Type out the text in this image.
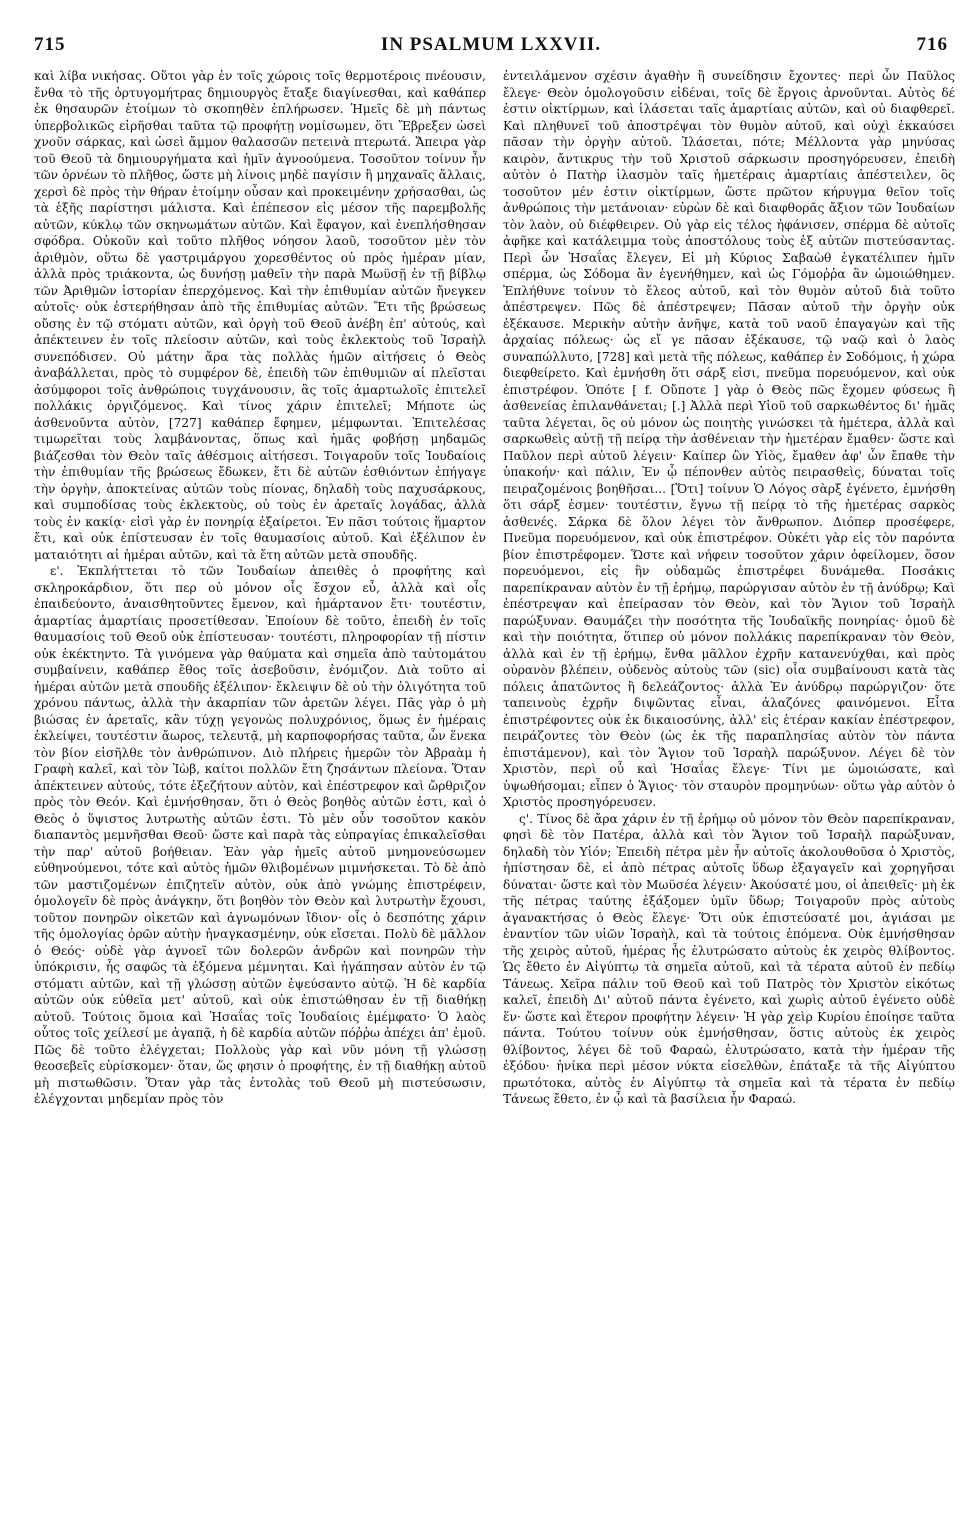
715	IN PSALMUM LXXVII.	716

καὶ λίβα νικήσας. Οὕτοι γὰρ ἐν τοῖς χώροις τοῖς θερμοτέροις πνέουσιν, ἔνθα τὸ τῆς ὀρτυγομήτρας δημιουργὸς ἔταξε διαγίνεσθαι, καὶ καθάπερ ἐκ θησαυρῶν ἑτοίμων τὸ σκοπηθὲν ἐπλήρωσεν. Ἡμεῖς δὲ μὴ πάντως ὑπερβολικῶς εἰρῆσθαι ταῦτα τῷ προφήτῃ νομίσωμεν, ὅτι Ἔβρεξεν ὡσεὶ χνοῦν σάρκας, καὶ ὡσεὶ ἄμμον θαλασσῶν πετεινὰ πτερωτά. Ἄπειρα γὰρ τοῦ Θεοῦ τὰ δημιουργήματα καὶ ἡμῖν ἀγνοούμενα. Τοσοῦτον τοίνυν ἦν τῶν ὀρνέων τὸ πλῆθος, ὥστε μὴ λίνοις μηδὲ παγίσιν ἢ μηχαναῖς ἄλλαις, χερσὶ δὲ πρὸς τὴν θήραν ἑτοίμην οὖσαν καὶ προκειμένην χρήσασθαι, ὡς τὰ ἑξῆς παρίστησι μάλιστα. Καὶ ἐπέπεσον εἰς μέσον τῆς παρεμβολῆς αὐτῶν, κύκλῳ τῶν σκηνωμάτων αὐτῶν. Καὶ ἔφαγον, καὶ ἐνεπλήσθησαν σφόδρα. Οὐκοῦν καὶ τοῦτο πλῆθος νόησον λαοῦ, τοσοῦτον μὲν τὸν ἀριθμὸν, οὕτω δὲ γαστριμάργου χορεσθέντος οὐ πρὸς ἡμέραν μίαν, ἀλλὰ πρὸς τριάκοντα, ὡς δυνήσῃ μαθεῖν τὴν παρὰ Μωϋσῇ ἐν τῇ βίβλῳ τῶν Ἀριθμῶν ἱστορίαν ἐπερχόμενος. Καὶ τὴν ἐπιθυμίαν αὐτῶν ἤνεγκεν αὐτοῖς· οὐκ ἐστερήθησαν ἀπὸ τῆς ἐπιθυμίας αὐτῶν. Ἔτι τῆς βρώσεως οὔσης ἐν τῷ στόματι αὐτῶν, καὶ ὀργὴ τοῦ Θεοῦ ἀνέβη ἐπ' αὐτούς, καὶ ἀπέκτεινεν ἐν τοῖς πλείοσιν αὐτῶν, καὶ τοὺς ἐκλεκτοὺς τοῦ Ἰσραὴλ συνεπόδισεν. Οὐ μάτην ἄρα τὰς πολλὰς ἡμῶν αἰτήσεις ὁ Θεὸς ἀναβάλλεται, πρὸς τὸ συμφέρον δὲ, ἐπειδὴ τῶν ἐπιθυμιῶν αἱ πλεῖσται ἀσύμφοροι τοῖς ἀνθρώποις τυγχάνουσιν, ἃς τοῖς ἁμαρτωλοῖς ἐπιτελεῖ πολλάκις ὀργιζόμενος. Καὶ τίνος χάριν ἐπιτελεῖ; Μήποτε ὡς ἀσθενοῦντα αὐτὸν, [727] καθάπερ ἔφημεν, μέμφωνται. Ἐπιτελέσας τιμωρεῖται τοὺς λαμβάνοντας, ὅπως καὶ ἡμᾶς φοβήσῃ μηδαμῶς βιάζεσθαι τὸν Θεὸν ταῖς ἀθέσμοις αἰτήσεσι. Τοιγαροῦν τοῖς Ἰουδαίοις τὴν ἐπιθυμίαν τῆς βρώσεως ἔδωκεν, ἔτι δὲ αὐτῶν ἐσθιόντων ἐπήγαγε τὴν ὀργὴν, ἀποκτείνας αὐτῶν τοὺς πίονας, δηλαδὴ τοὺς παχυσάρκους, καὶ συμποδίσας τοὺς ἐκλεκτοὺς, οὐ τοὺς ἐν ἀρεταῖς λογάδας, ἀλλὰ τοὺς ἐν κακίᾳ· εἰσὶ γὰρ ἐν πονηρίᾳ ἐξαίρετοι. Ἐν πᾶσι τούτοις ἥμαρτον ἔτι, καὶ οὐκ ἐπίστευσαν ἐν τοῖς θαυμασίοις αὐτοῦ. Καὶ ἐξέλιπον ἐν ματαιότητι αἱ ἡμέραι αὐτῶν, καὶ τὰ ἔτη αὐτῶν μετὰ σπουδῆς.

ε'. Ἐκπλήττεται τὸ τῶν Ἰουδαίων ἀπειθὲς ὁ προφήτης καὶ σκληροκάρδιον, ὅτι περ οὐ μόνον οἷς ἔσχον εὖ, ἀλλὰ καὶ οἷς ἐπαιδεύοντο, ἀναισθητοῦντες ἔμενον, καὶ ἡμάρτανον ἔτι· τουτέστιν, ἁμαρτίας ἁμαρτίαις προσετίθεσαν. Ἐποίουν δὲ τοῦτο, ἐπειδὴ ἐν τοῖς θαυμασίοις τοῦ Θεοῦ οὐκ ἐπίστευσαν· τουτέστι, πληροφορίαν τῇ πίστιν οὐκ ἐκέκτηντο. Τὰ γινόμενα γὰρ θαύματα καὶ σημεῖα ἀπὸ ταὐτομάτου συμβαίνειν, καθάπερ ἔθος τοῖς ἀσεβοῦσιν, ἐνόμιζον. Διὰ τοῦτο αἱ ἡμέραι αὐτῶν μετὰ σπουδῆς ἐξέλιπον· ἔκλειψιν δὲ οὐ τὴν ὀλιγότητα τοῦ χρόνου πάντως, ἀλλὰ τὴν ἀκαρπίαν τῶν ἀρετῶν λέγει. Πᾶς γὰρ ὁ μὴ βιώσας ἐν ἀρεταῖς, κἂν τύχῃ γεγονὼς πολυχρόνιος, ὅμως ἐν ἡμέραις ἐκλείψει, τουτέστιν ἄωρος, τελευτᾷ, μὴ καρποφορήσας ταῦτα, ὧν ἕνεκα τὸν βίον εἰσῆλθε τὸν ἀνθρώπινον. Διὸ πλήρεις ἡμερῶν τὸν Ἀβραὰμ ἡ Γραφὴ καλεῖ, καὶ τὸν Ἰὼβ, καίτοι πολλῶν ἔτη ζησάντων πλείονα. Ὅταν ἀπέκτεινεν αὐτούς, τότε ἐξεζήτουν αὐτὸν, καὶ ἐπέστρεφον καὶ ὤρθριζον πρὸς τὸν Θεόν. Καὶ ἐμνήσθησαν, ὅτι ὁ Θεὸς βοηθὸς αὐτῶν ἐστι, καὶ ὁ Θεὸς ὁ ὕψιστος λυτρωτὴς αὐτῶν ἐστι. Τὸ μὲν οὖν τοσοῦτον κακὸν διαπαντὸς μεμνῆσθαι Θεοῦ· ὥστε καὶ παρὰ τὰς εὐπραγίας ἐπικαλεῖσθαι τὴν παρ' αὐτοῦ βοήθειαν. Ἐὰν γὰρ ἡμεῖς αὐτοῦ μνημονεύσωμεν εὐθηνούμενοι, τότε καὶ αὐτὸς ἡμῶν θλιβομένων μιμνήσκεται. Τὸ δὲ ἀπὸ τῶν μαστιζομένων ἐπιζητεῖν αὐτὸν, οὐκ ἀπὸ γνώμης ἐπιστρέφειν, ὁμολογεῖν δὲ πρὸς ἀνάγκην, ὅτι βοηθὸν τὸν Θεὸν καὶ λυτρωτὴν ἔχουσι, τοῦτον πονηρῶν οἰκετῶν καὶ ἀγνωμόνων ἴδιον· οἷς ὁ δεσπότης χάριν τῆς ὁμολογίας ὁρῶν αὐτὴν ἠναγκασμένην, οὐκ εἴσεται. Πολὺ δὲ μᾶλλον ὁ Θεός· οὐδὲ γὰρ ἀγνοεῖ τῶν δολερῶν ἀνδρῶν καὶ πονηρῶν τὴν ὑπόκρισιν, ἧς σαφῶς τὰ ἑξόμενα μέμνηται. Καὶ ἠγάπησαν αὐτὸν ἐν τῷ στόματι αὐτῶν, καὶ τῇ γλώσσῃ αὐτῶν ἐψεύσαντο αὐτῷ. Ἡ δὲ καρδία αὐτῶν οὐκ εὐθεῖα μετ' αὐτοῦ, καὶ οὐκ ἐπιστώθησαν ἐν τῇ διαθήκῃ αὐτοῦ. Τούτοις ὅμοια καὶ Ἡσαΐας τοῖς Ἰουδαίοις ἐμέμφατο· Ὁ λαὸς οὗτος τοῖς χείλεσί με ἀγαπᾷ, ἡ δὲ καρδία αὐτῶν πόῤῥω ἀπέχει ἀπ' ἐμοῦ. Πῶς δὲ τοῦτο ἐλέγχεται; Πολλοὺς γὰρ καὶ νῦν μόνη τῇ γλώσσῃ θεοσεβεῖς εὑρίσκομεν· ὅταν, ὥς φησιν ὁ προφήτης, ἐν τῇ διαθήκῃ αὐτοῦ μὴ πιστωθῶσιν. Ὅταν γὰρ τὰς ἐντολὰς τοῦ Θεοῦ μὴ πιστεύσωσιν, ἐλέγχονται μηδεμίαν πρὸς τὸν

ἐντειλάμενον σχέσιν ἀγαθὴν ἢ συνείδησιν ἔχοντες· περὶ ὧν Παῦλος ἔλεγε· Θεὸν ὁμολογοῦσιν εἰδέναι, τοῖς δὲ ἔργοις ἀρνοῦνται. Αὐτὸς δέ ἐστιν οἰκτίρμων, καὶ ἱλάσεται ταῖς ἁμαρτίαις αὐτῶν, καὶ οὐ διαφθερεῖ. Καὶ πληθυνεῖ τοῦ ἀποστρέψαι τὸν θυμὸν αὐτοῦ, καὶ οὐχὶ ἐκκαύσει πᾶσαν τὴν ὀργὴν αὐτοῦ. Ἱλάσεται, πότε; Μέλλοντα γὰρ μηνύσας καιρὸν, ἄντικρυς τὴν τοῦ Χριστοῦ σάρκωσιν προσηγόρευσεν, ἐπειδὴ αὐτὸν ὁ Πατὴρ ἱλασμὸν ταῖς ἡμετέραις ἁμαρτίαις ἀπέστειλεν, ὃς τοσοῦτον μέν ἐστιν οἰκτίρμων, ὥστε πρῶτον κήρυγμα θεῖον τοῖς ἀνθρώποις τὴν μετάνοιαν· εὑρὼν δὲ καὶ διαφθορᾶς ἄξιον τῶν Ἰουδαίων τὸν λαὸν, οὐ διέφθειρεν. Οὐ γὰρ εἰς τέλος ἠφάνισεν, σπέρμα δὲ αὐτοῖς ἀφῆκε καὶ κατάλειμμα τοὺς ἀποστόλους τοὺς ἐξ αὐτῶν πιστεύσαντας. Περὶ ὧν Ἡσαΐας ἔλεγεν, Εἰ μὴ Κύριος Σαβαὼθ ἐγκατέλιπεν ἡμῖν σπέρμα, ὡς Σόδομα ἂν ἐγενήθημεν, καὶ ὡς Γόμοῤῥα ἂν ὡμοιώθημεν. Ἐπλήθυνε τοίνυν τὸ ἔλεος αὐτοῦ, καὶ τὸν θυμὸν αὐτοῦ διὰ τοῦτο ἀπέστρεψεν. Πῶς δὲ ἀπέστρεψεν; Πᾶσαν αὐτοῦ τὴν ὀργὴν οὐκ ἐξέκαυσε. Μερικὴν αὐτὴν ἀνῆψε, κατὰ τοῦ ναοῦ ἐπαγαγὼν καὶ τῆς ἀρχαίας πόλεως· ὡς εἴ γε πᾶσαν ἐξέκαυσε, τῷ ναῷ καὶ ὁ λαὸς συναπώλλυτο, [728] καὶ μετὰ τῆς πόλεως, καθάπερ ἐν Σοδόμοις, ἡ χώρα διεφθείρετο. Καὶ ἐμνήσθη ὅτι σάρξ εἰσι, πνεῦμα πορευόμενον, καὶ οὐκ ἐπιστρέφον. Ὁπότε [ f. Οὔποτε ] γὰρ ὁ Θεὸς πῶς ἔχομεν φύσεως ἢ ἀσθενείας ἐπιλανθάνεται; [.] Ἀλλὰ περὶ Υἱοῦ τοῦ σαρκωθέντος δι' ἡμᾶς ταῦτα λέγεται, ὃς οὐ μόνον ὡς ποιητὴς γινώσκει τὰ ἡμέτερα, ἀλλὰ καὶ σαρκωθεὶς αὐτῇ τῇ πείρᾳ τὴν ἀσθένειαν τὴν ἡμετέραν ἔμαθεν· ὥστε καὶ Παῦλον περὶ αὐτοῦ λέγειν· Καίπερ ὢν Υἱὸς, ἔμαθεν ἀφ' ὧν ἔπαθε τὴν ὑπακοήν· καὶ πάλιν, Ἐν ᾧ πέπονθεν αὐτὸς πειρασθεὶς, δύναται τοῖς πειραζομένοις βοηθῆσαι... [Ὅτι] τοίνυν Ὁ Λόγος σὰρξ ἐγένετο, ἐμνήσθη ὅτι σάρξ ἐσμεν· τουτέστιν, ἔγνω τῇ πείρᾳ τὸ τῆς ἡμετέρας σαρκὸς ἀσθενές. Σάρκα δὲ ὅλον λέγει τὸν ἄνθρωπον. Διόπερ προσέφερε, Πνεῦμα πορευόμενον, καὶ οὐκ ἐπιστρέφον. Οὐκέτι γὰρ εἰς τὸν παρόντα βίον ἐπιστρέφομεν. Ὥστε καὶ νήφειν τοσοῦτον χάριν ὀφείλομεν, ὅσον πορευόμενοι, εἰς ἣν οὐδαμῶς ἐπιστρέφει δυνάμεθα. Ποσάκις παρεπίκραναν αὐτὸν ἐν τῇ ἐρήμῳ, παρώργισαν αὐτὸν ἐν τῇ ἀνύδρῳ; Καὶ ἐπέστρεψαν καὶ ἐπείρασαν τὸν Θεὸν, καὶ τὸν Ἅγιον τοῦ Ἰσραὴλ παρώξυναν. Θαυμάζει τὴν ποσότητα τῆς Ἰουδαϊκῆς πονηρίας· ὁμοῦ δὲ καὶ τὴν ποιότητα, ὅτιπερ οὐ μόνον πολλάκις παρεπίκραναν τὸν Θεὸν, ἀλλὰ καὶ ἐν τῇ ἐρήμῳ, ἔνθα μᾶλλον ἐχρῆν κατανενύχθαι, καὶ πρὸς οὐρανὸν βλέπειν, οὐδενὸς αὐτοὺς τῶν (sic) οἷα συμβαίνουσι κατὰ τὰς πόλεις ἀπατῶντος ἢ δελεάζοντος· ἀλλὰ Ἐν ἀνύδρῳ παρώργιζον· ὅτε ταπεινοὺς ἐχρῆν διψῶντας εἶναι, ἀλαζόνες φαινόμενοι. Εἶτα ἐπιστρέφοντες οὐκ ἐκ δικαιοσύνης, ἀλλ' εἰς ἑτέραν κακίαν ἐπέστρεφον, πειράζοντες τὸν Θεὸν (ὡς ἐκ τῆς παραπλησίας αὐτὸν τὸν πάντα ἐπιστάμενον), καὶ τὸν Ἅγιον τοῦ Ἰσραὴλ παρώξυνον. Λέγει δὲ τὸν Χριστὸν, περὶ οὗ καὶ Ἡσαΐας ἔλεγε· Τίνι με ὡμοιώσατε, καὶ ὑψωθήσομαι; εἶπεν ὁ Ἅγιος· τὸν σταυρὸν προμηνύων· οὕτω γὰρ αὐτὸν ὁ Χριστὸς προσηγόρευσεν.

ς'. Τίνος δὲ ἄρα χάριν ἐν τῇ ἐρήμῳ οὐ μόνον τὸν Θεὸν παρεπίκραναν, φησὶ δὲ τὸν Πατέρα, ἀλλὰ καὶ τὸν Ἅγιον τοῦ Ἰσραὴλ παρώξυναν, δηλαδὴ τὸν Υἱόν; Ἐπειδὴ πέτρα μὲν ἦν αὐτοῖς ἀκολουθοῦσα ὁ Χριστὸς, ἠπίστησαν δὲ, εἰ ἀπὸ πέτρας αὐτοῖς ὕδωρ ἐξαγαγεῖν καὶ χορηγῆσαι δύναται· ὥστε καὶ τὸν Μωϋσέα λέγειν· Ἀκούσατέ μου, οἱ ἀπειθεῖς· μὴ ἐκ τῆς πέτρας ταύτης ἐξάξομεν ὑμῖν ὕδωρ; Τοιγαροῦν πρὸς αὐτοὺς ἀγανακτήσας ὁ Θεὸς ἔλεγε· Ὅτι οὐκ ἐπιστεύσατέ μοι, ἁγιάσαι με ἐναντίον τῶν υἱῶν Ἰσραὴλ, καὶ τὰ τούτοις ἑπόμενα. Οὐκ ἐμνήσθησαν τῆς χειρὸς αὐτοῦ, ἡμέρας ἧς ἐλυτρώσατο αὐτοὺς ἐκ χειρὸς θλίβοντος. Ὡς ἔθετο ἐν Αἰγύπτῳ τὰ σημεῖα αὐτοῦ, καὶ τὰ τέρατα αὐτοῦ ἐν πεδίῳ Τάνεως. Χεῖρα πάλιν τοῦ Θεοῦ καὶ τοῦ Πατρὸς τὸν Χριστὸν εἰκότως καλεῖ, ἐπειδὴ Δι' αὐτοῦ πάντα ἐγένετο, καὶ χωρὶς αὐτοῦ ἐγένετο οὐδὲ ἕν· ὥστε καὶ ἕτερον προφήτην λέγειν· Ἡ γὰρ χεὶρ Κυρίου ἐποίησε ταῦτα πάντα. Τούτου τοίνυν οὐκ ἐμνήσθησαν, ὅστις αὐτοὺς ἐκ χειρὸς θλίβοντος, λέγει δὲ τοῦ Φαραὼ, ἐλυτρώσατο, κατὰ τὴν ἡμέραν τῆς ἐξόδου· ἡνίκα περὶ μέσον νύκτα εἰσελθὼν, ἐπάταξε τὰ τῆς Αἰγύπτου πρωτότοκα, αὐτὸς ἐν Αἰγύπτῳ τὰ σημεῖα καὶ τὰ τέρατα ἐν πεδίῳ Τάνεως ἔθετο, ἐν ᾧ καὶ τὰ βασίλεια ἦν Φαραώ.
